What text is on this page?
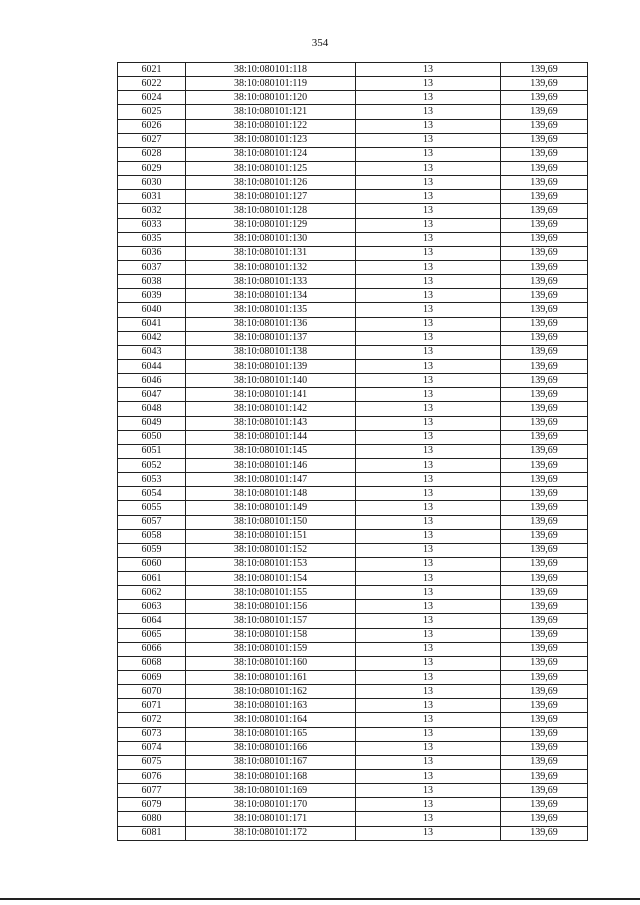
354
6021	38:10:080101:118	13	139,69
6022	38:10:080101:119	13	139,69
6024	38:10:080101:120	13	139,69
6025	38:10:080101:121	13	139,69
6026	38:10:080101:122	13	139,69
6027	38:10:080101:123	13	139,69
6028	38:10:080101:124	13	139,69
6029	38:10:080101:125	13	139,69
6030	38:10:080101:126	13	139,69
6031	38:10:080101:127	13	139,69
6032	38:10:080101:128	13	139,69
6033	38:10:080101:129	13	139,69
6035	38:10:080101:130	13	139,69
6036	38:10:080101:131	13	139,69
6037	38:10:080101:132	13	139,69
6038	38:10:080101:133	13	139,69
6039	38:10:080101:134	13	139,69
6040	38:10:080101:135	13	139,69
6041	38:10:080101:136	13	139,69
6042	38:10:080101:137	13	139,69
6043	38:10:080101:138	13	139,69
6044	38:10:080101:139	13	139,69
6046	38:10:080101:140	13	139,69
6047	38:10:080101:141	13	139,69
6048	38:10:080101:142	13	139,69
6049	38:10:080101:143	13	139,69
6050	38:10:080101:144	13	139,69
6051	38:10:080101:145	13	139,69
6052	38:10:080101:146	13	139,69
6053	38:10:080101:147	13	139,69
6054	38:10:080101:148	13	139,69
6055	38:10:080101:149	13	139,69
6057	38:10:080101:150	13	139,69
6058	38:10:080101:151	13	139,69
6059	38:10:080101:152	13	139,69
6060	38:10:080101:153	13	139,69
6061	38:10:080101:154	13	139,69
6062	38:10:080101:155	13	139,69
6063	38:10:080101:156	13	139,69
6064	38:10:080101:157	13	139,69
6065	38:10:080101:158	13	139,69
6066	38:10:080101:159	13	139,69
6068	38:10:080101:160	13	139,69
6069	38:10:080101:161	13	139,69
6070	38:10:080101:162	13	139,69
6071	38:10:080101:163	13	139,69
6072	38:10:080101:164	13	139,69
6073	38:10:080101:165	13	139,69
6074	38:10:080101:166	13	139,69
6075	38:10:080101:167	13	139,69
6076	38:10:080101:168	13	139,69
6077	38:10:080101:169	13	139,69
6079	38:10:080101:170	13	139,69
6080	38:10:080101:171	13	139,69
6081	38:10:080101:172	13	139,69
